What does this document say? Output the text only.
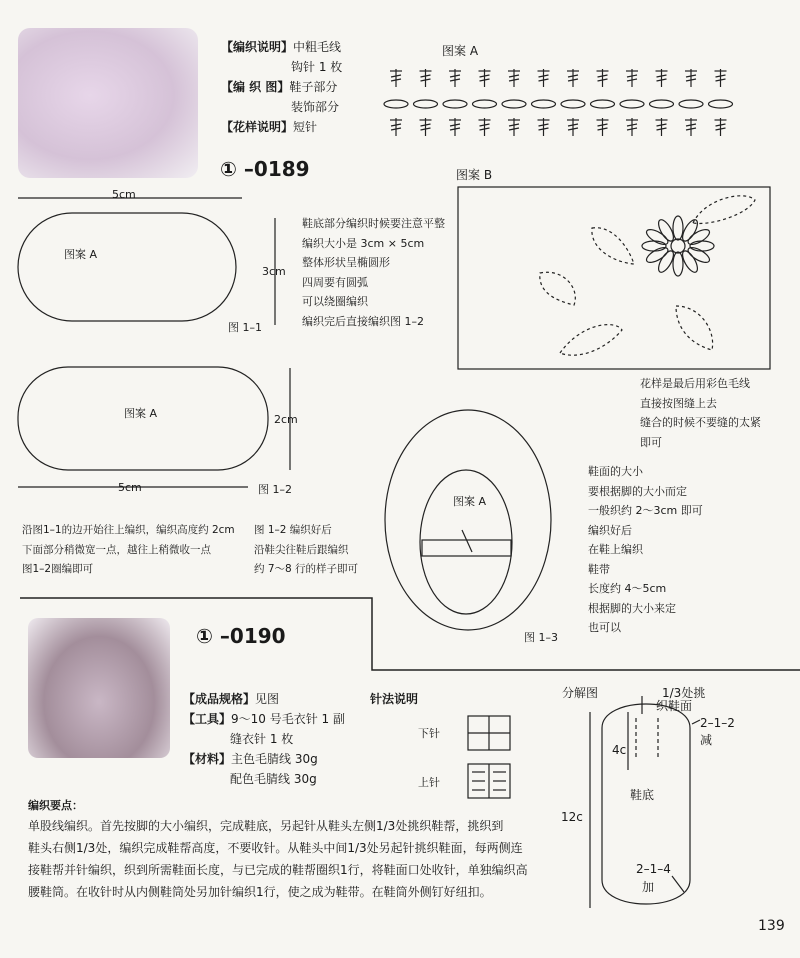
【编织说明】中粗毛线
钩针 1 枚
【编 织 图】鞋子部分
装饰部分
【花样说明】短针
① –0189
图案 A
图案 B
5cm
3cm
图案 A
图 1–1
鞋底部分编织时候要注意平整
编织大小是 3cm × 5cm
整体形状呈椭圆形
四周要有圆弧
可以绕圈编织
编织完后直接编织图 1–2
图案 A	2cm
5cm	图 1–2
沿图1–1的边开始往上编织，编织高度约 2cm
下面部分稍微宽一点，越往上稍微收一点
图1–2圈编即可
图 1–2 编织好后
沿鞋尖往鞋后跟编织
约 7～8 行的样子即可
花样是最后用彩色毛线
直接按图缝上去
缝合的时候不要缝的太紧
即可
鞋面的大小
要根据脚的大小而定
一般织约 2～3cm 即可
编织好后
在鞋上编织
鞋带
长度约 4～5cm
根据脚的大小来定
也可以
图案 A
图 1–3
① –0190
【成品规格】见图
【工具】9～10 号毛衣针 1 副
缝衣针 1 枚
【材料】主色毛腈线 30g
配色毛腈线 30g
针法说明
下针
上针
分解图	1/3处挑
织鞋面
2–1–2
减
4c
12c
鞋底
2–1–4
加
编织要点：
单股线编织。首先按脚的大小编织，完成鞋底，另起针从鞋头左侧1/3处挑织鞋帮，挑织到
鞋头右侧1/3处，编织完成鞋帮高度，不要收针。从鞋头中间1/3处另起针挑织鞋面，每两侧连
接鞋帮并针编织，织到所需鞋面长度，与已完成的鞋帮圈织1行，将鞋面口处收针，单独编织高
腰鞋筒。在收针时从内侧鞋筒处另加针编织1行，使之成为鞋带。在鞋筒外侧钉好纽扣。
139
